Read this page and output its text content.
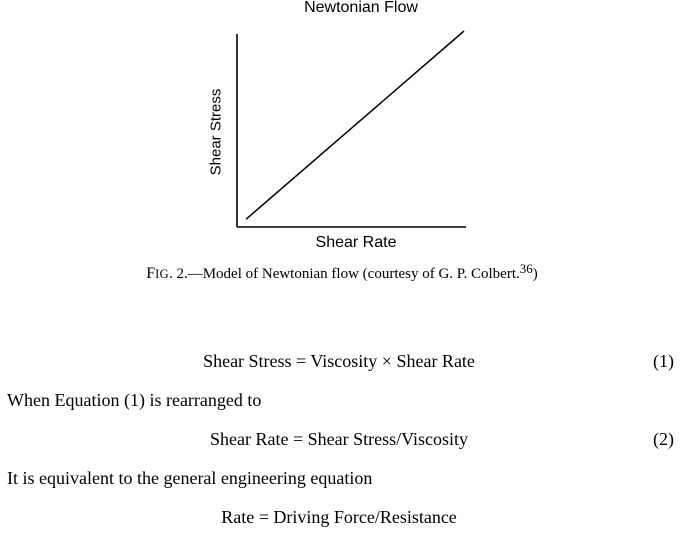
Newtonian Flow
Shear Stress
Shear Rate
FIG. 2.—Model of Newtonian flow (courtesy of G. P. Colbert.$^{36}$)
Shear Stress = Viscosity × Shear Rate	(1)
When Equation (1) is rearranged to
Shear Rate = Shear Stress/Viscosity	(2)
It is equivalent to the general engineering equation
Rate = Driving Force/Resistance
